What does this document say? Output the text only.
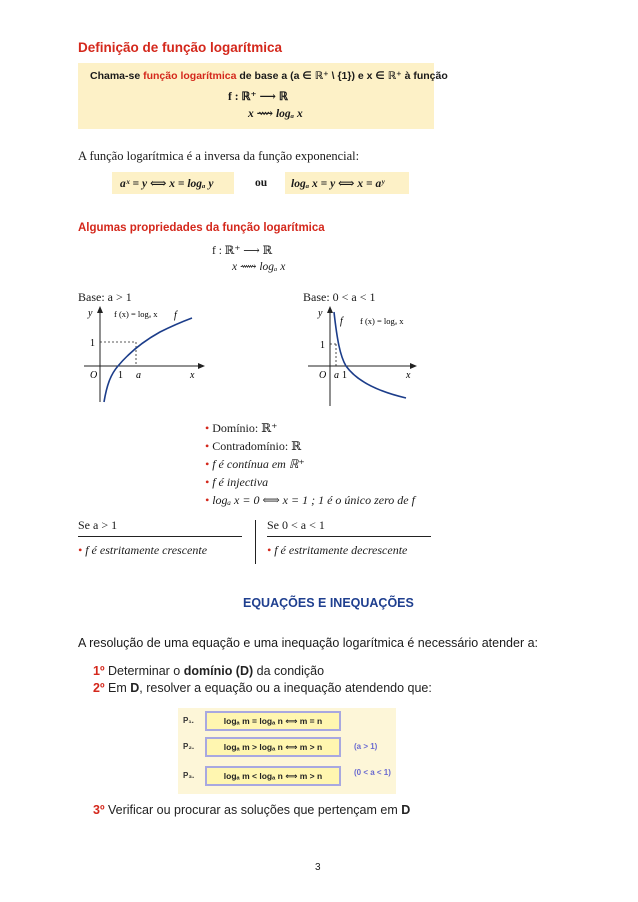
Definição de função logarítmica
Chama-se função logarítmica de base a (a ∈ ℝ⁺ \ {1}) e x ∈ ℝ⁺ à função
f : ℝ⁺ ⟶ ℝ
x ⟿ logₐ x
A função logarítmica é a inversa da função exponencial:
aˣ = y ⟺ x = logₐ y	ou logₐ x = y ⟺ x = aʸ
Algumas propriedades da função logarítmica
f : ℝ⁺ ⟶ ℝ
x ⟿ logₐ x
Base: a > 1	Base: 0 < a < 1
y
x
O 1
1
a
f
f (x) = logₐ x	y
x
O 1
1
a
f f (x) = logₐ x
• Domínio: ℝ⁺
• Contradomínio: ℝ
• f é contínua em ℝ⁺
• f é injectiva
• logₐ x = 0 ⟺ x = 1 ; 1 é o único zero de f
Se a > 1
• f é estritamente crescente
Se 0 < a < 1
• f é estritamente decrescente
EQUAÇÕES E INEQUAÇÕES
A resolução de uma equação e uma inequação logarítmica é necessário atender a:
1º Determinar o domínio (D) da condição
2º Em D, resolver a equação ou a inequação atendendo que:
P₁.	logₐ m = logₐ n ⟺ m = n
P₂.	logₐ m > logₐ n ⟺ m > n	(a > 1)
P₃.	logₐ m < logₐ n ⟺ m > n	(0 < a < 1)
3º Verificar ou procurar as soluções que pertençam em D
3
